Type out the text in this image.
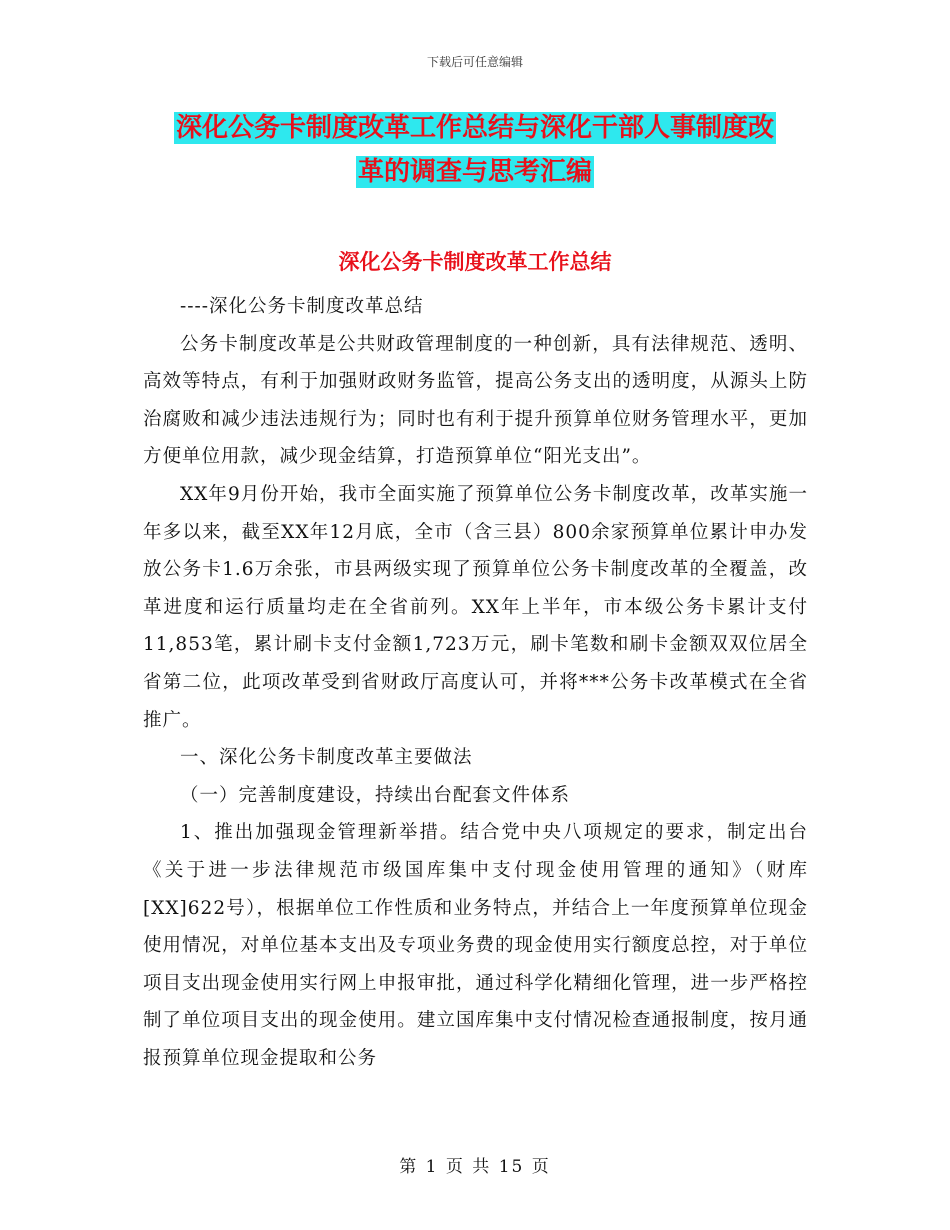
下载后可任意编辑
深化公务卡制度改革工作总结与深化干部人事制度改
革的调查与思考汇编
深化公务卡制度改革工作总结

----深化公务卡制度改革总结

公务卡制度改革是公共财政管理制度的一种创新，具有法律规范、透明、高效等特点，有利于加强财政财务监管，提高公务支出的透明度，从源头上防治腐败和减少违法违规行为；同时也有利于提升预算单位财务管理水平，更加方便单位用款，减少现金结算，打造预算单位“阳光支出”。

XX年9月份开始，我市全面实施了预算单位公务卡制度改革，改革实施一年多以来，截至XX年12月底，全市（含三县）800余家预算单位累计申办发放公务卡1.6万余张，市县两级实现了预算单位公务卡制度改革的全覆盖，改革进度和运行质量均走在全省前列。XX年上半年，市本级公务卡累计支付11,853笔，累计刷卡支付金额1,723万元，刷卡笔数和刷卡金额双双位居全省第二位，此项改革受到省财政厅高度认可，并将***公务卡改革模式在全省推广。

一、深化公务卡制度改革主要做法

（一）完善制度建设，持续出台配套文件体系

1、推出加强现金管理新举措。结合党中央八项规定的要求，制定出台《关于进一步法律规范市级国库集中支付现金使用管理的通知》（财库[XX]622号），根据单位工作性质和业务特点，并结合上一年度预算单位现金使用情况，对单位基本支出及专项业务费的现金使用实行额度总控，对于单位项目支出现金使用实行网上申报审批，通过科学化精细化管理，进一步严格控制了单位项目支出的现金使用。建立国库集中支付情况检查通报制度，按月通报预算单位现金提取和公务

第 1 页 共 15 页
